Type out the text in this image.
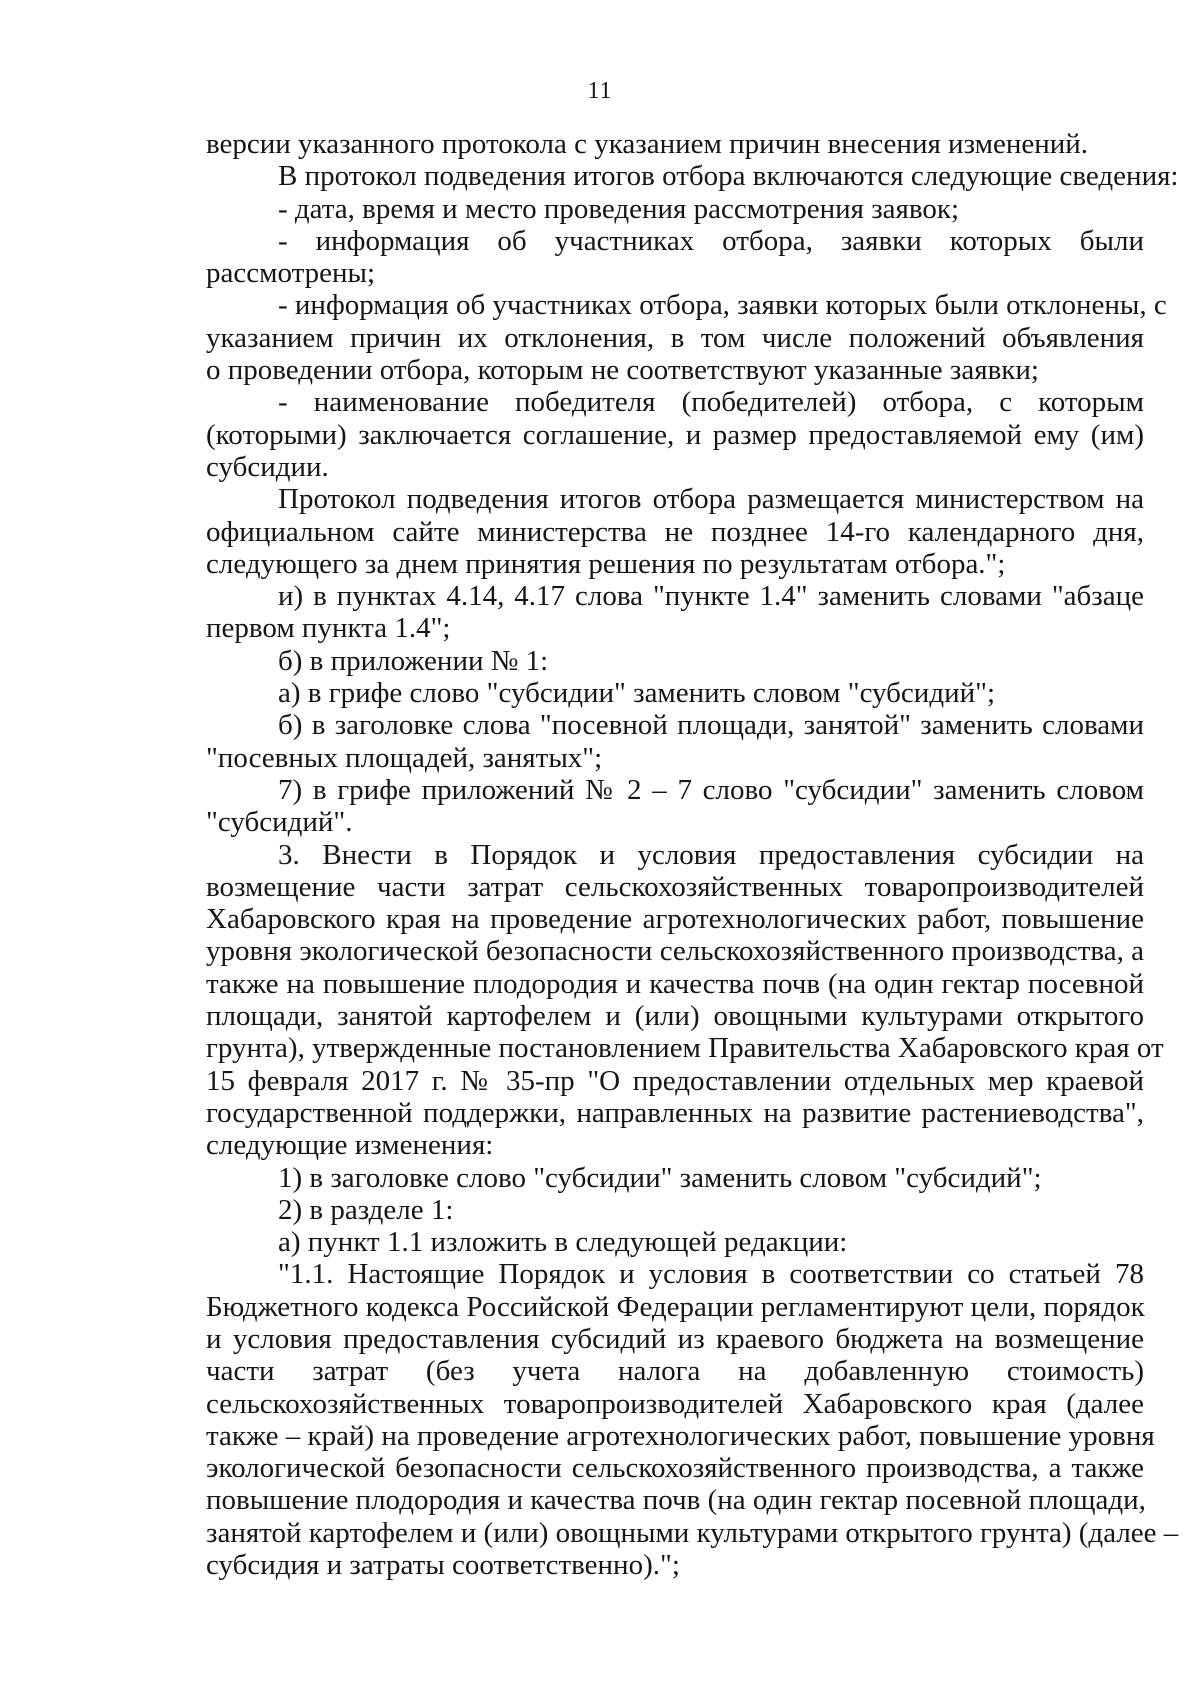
11
версии указанного протокола с указанием причин внесения изменений.
В протокол подведения итогов отбора включаются следующие сведения:
- дата, время и место проведения рассмотрения заявок;
- информация об участниках отбора, заявки которых были
рассмотрены;
- информация об участниках отбора, заявки которых были отклонены, с
указанием причин их отклонения, в том числе положений объявления
о проведении отбора, которым не соответствуют указанные заявки;
- наименование победителя (победителей) отбора, с которым
(которыми) заключается соглашение, и размер предоставляемой ему (им)
субсидии.
Протокол подведения итогов отбора размещается министерством на
официальном сайте министерства не позднее 14-го календарного дня,
следующего за днем принятия решения по результатам отбора.";
и) в пунктах 4.14, 4.17 слова "пункте 1.4" заменить словами "абзаце
первом пункта 1.4";
б) в приложении № 1:
а) в грифе слово "субсидии" заменить словом "субсидий";
б) в заголовке слова "посевной площади, занятой" заменить словами
"посевных площадей, занятых";
7) в грифе приложений № 2 – 7 слово "субсидии" заменить словом
"субсидий".
3. Внести в Порядок и условия предоставления субсидии на
возмещение части затрат сельскохозяйственных товаропроизводителей
Хабаровского края на проведение агротехнологических работ, повышение
уровня экологической безопасности сельскохозяйственного производства, а
также на повышение плодородия и качества почв (на один гектар посевной
площади, занятой картофелем и (или) овощными культурами открытого
грунта), утвержденные постановлением Правительства Хабаровского края от
15 февраля 2017 г. № 35-пр "О предоставлении отдельных мер краевой
государственной поддержки, направленных на развитие растениеводства",
следующие изменения:
1) в заголовке слово "субсидии" заменить словом "субсидий";
2) в разделе 1:
а) пункт 1.1 изложить в следующей редакции:
"1.1. Настоящие Порядок и условия в соответствии со статьей 78
Бюджетного кодекса Российской Федерации регламентируют цели, порядок
и условия предоставления субсидий из краевого бюджета на возмещение
части затрат (без учета налога на добавленную стоимость)
сельскохозяйственных товаропроизводителей Хабаровского края (далее
также – край) на проведение агротехнологических работ, повышение уровня
экологической безопасности сельскохозяйственного производства, а также
повышение плодородия и качества почв (на один гектар посевной площади,
занятой картофелем и (или) овощными культурами открытого грунта) (далее –
субсидия и затраты соответственно).";
